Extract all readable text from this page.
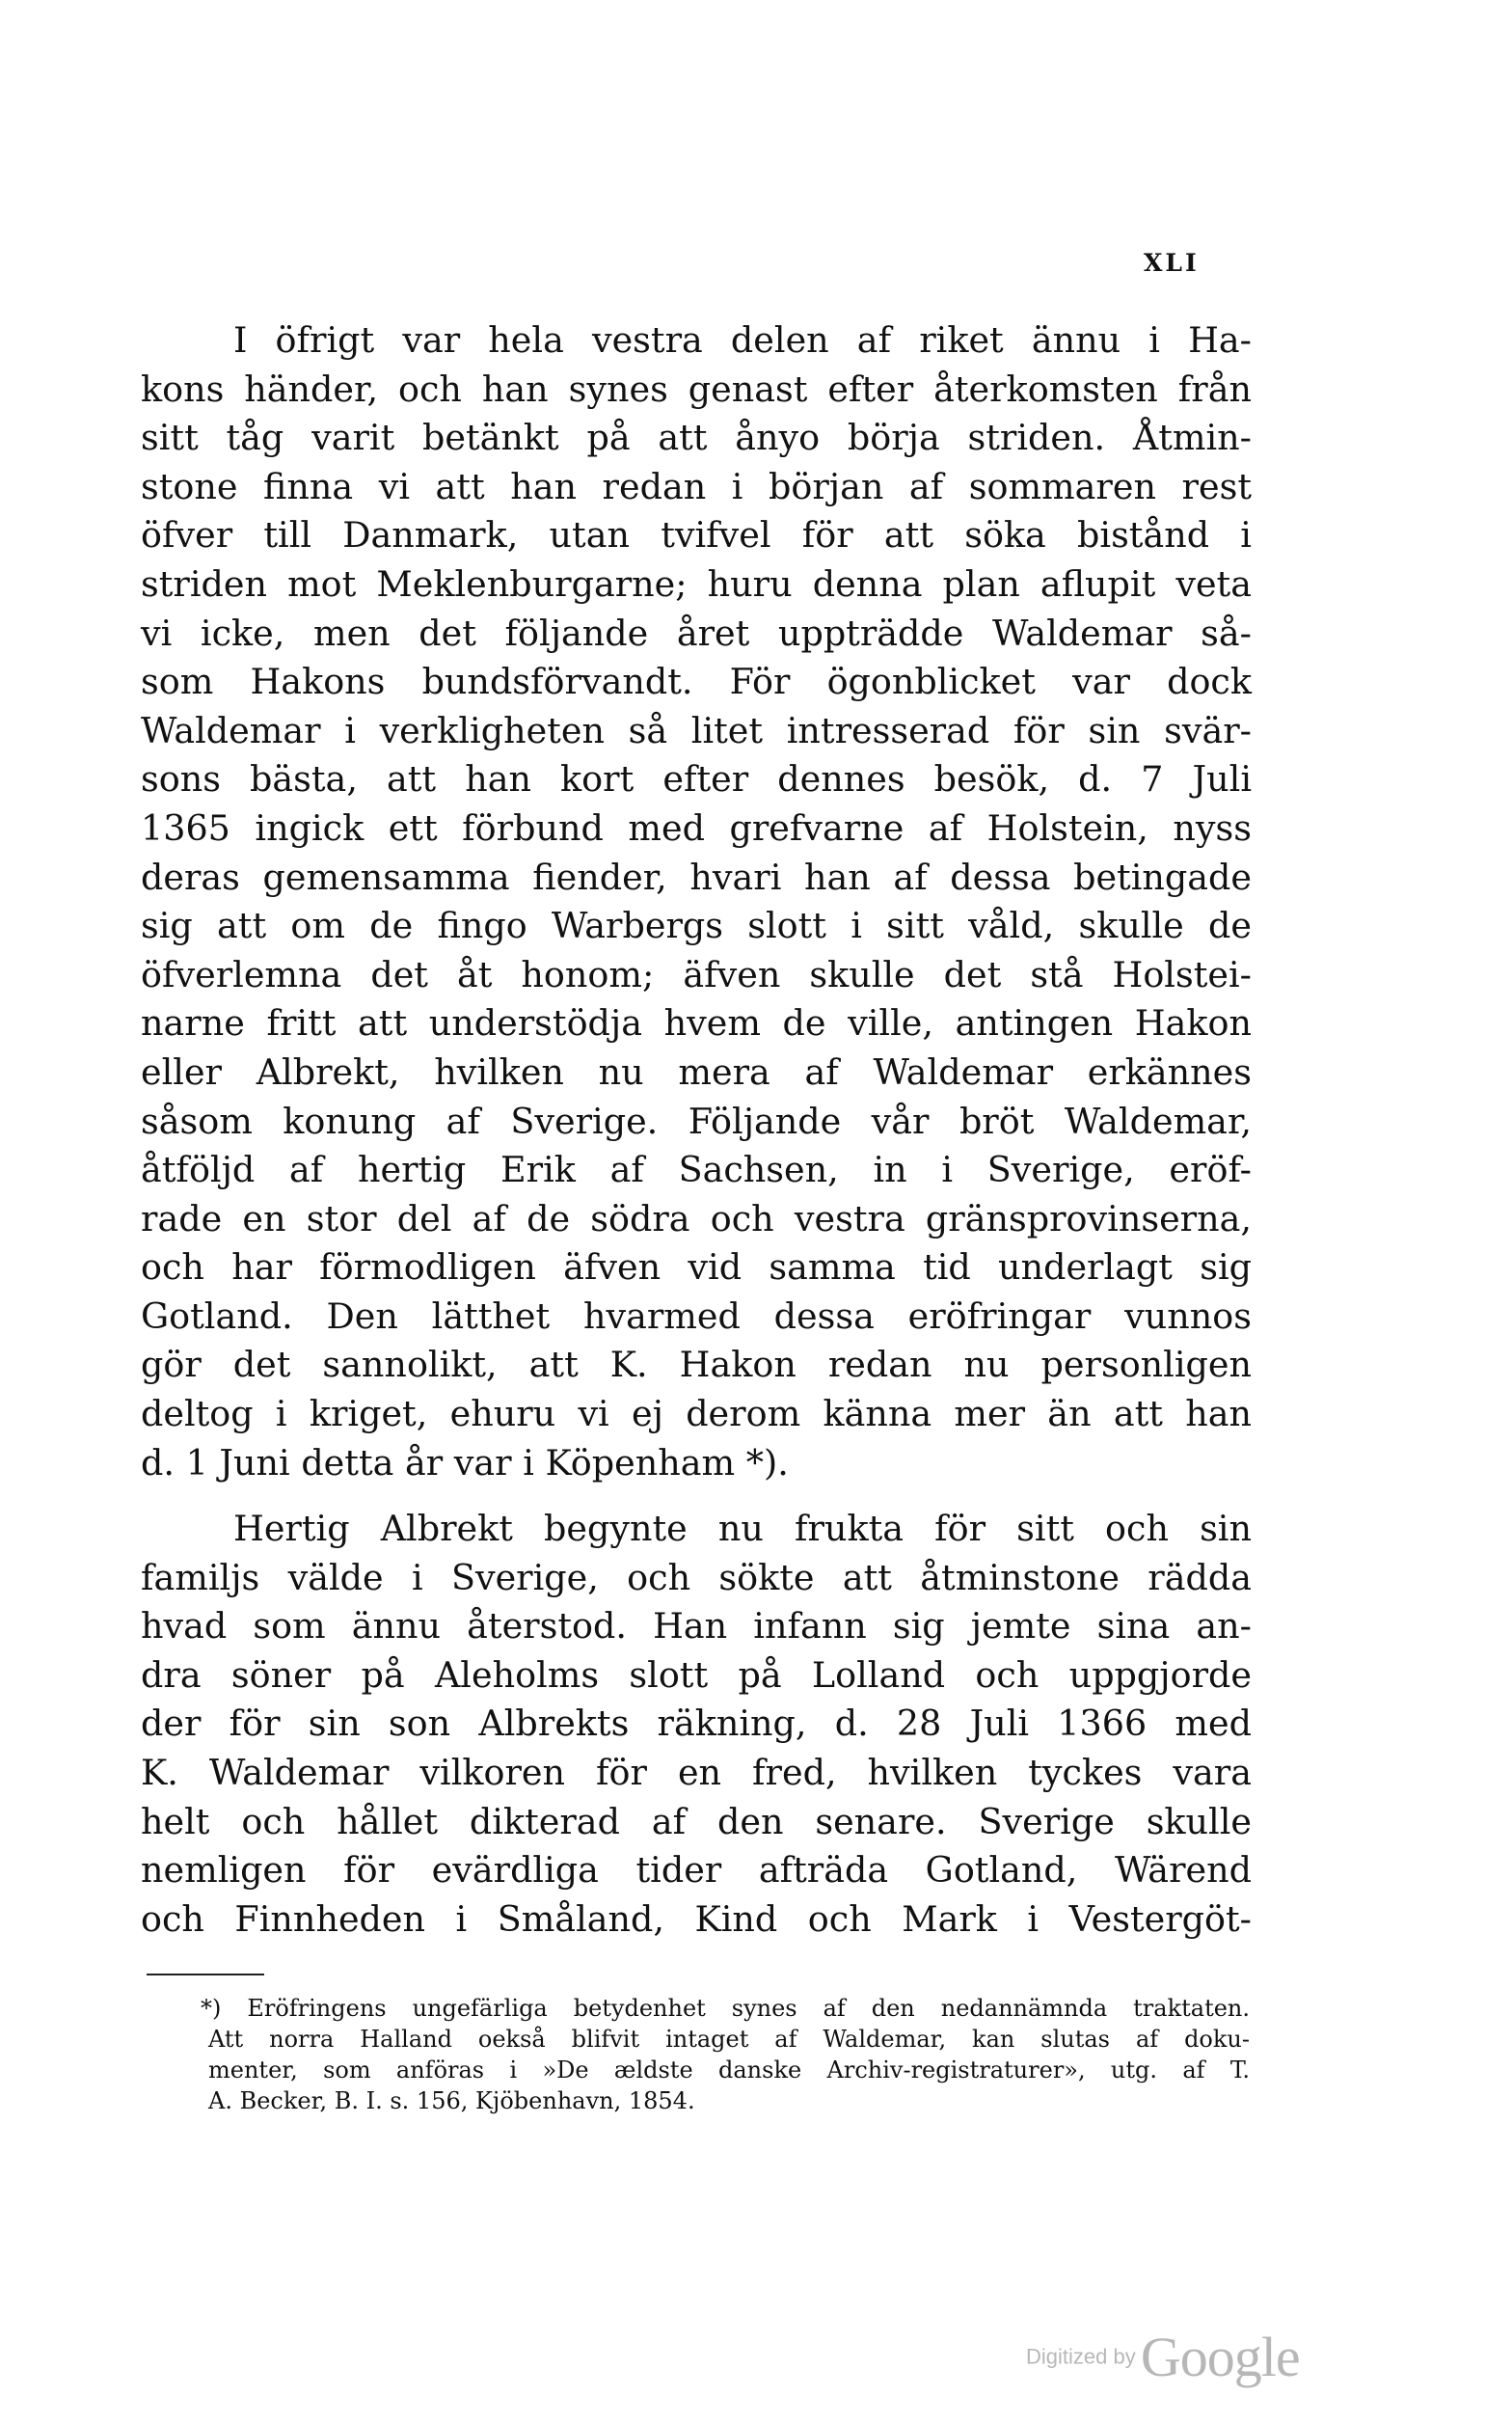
XLI
I öfrigt var hela vestra delen af riket ännu i Ha-
kons händer, och han synes genast efter återkomsten från
sitt tåg varit betänkt på att ånyo börja striden. Åtmin-
stone finna vi att han redan i början af sommaren rest
öfver till Danmark, utan tvifvel för att söka bistånd i
striden mot Meklenburgarne; huru denna plan aflupit veta
vi icke, men det följande året uppträdde Waldemar så-
som Hakons bundsförvandt. För ögonblicket var dock
Waldemar i verkligheten så litet intresserad för sin svär-
sons bästa, att han kort efter dennes besök, d. 7 Juli
1365 ingick ett förbund med grefvarne af Holstein, nyss
deras gemensamma fiender, hvari han af dessa betingade
sig att om de fingo Warbergs slott i sitt våld, skulle de
öfverlemna det åt honom; äfven skulle det stå Holstei-
narne fritt att understödja hvem de ville, antingen Hakon
eller Albrekt, hvilken nu mera af Waldemar erkännes
såsom konung af Sverige. Följande vår bröt Waldemar,
åtföljd af hertig Erik af Sachsen, in i Sverige, eröf-
rade en stor del af de södra och vestra gränsprovinserna,
och har förmodligen äfven vid samma tid underlagt sig
Gotland. Den lätthet hvarmed dessa eröfringar vunnos
gör det sannolikt, att K. Hakon redan nu personligen
deltog i kriget, ehuru vi ej derom känna mer än att han
d. 1 Juni detta år var i Köpenham *).
Hertig Albrekt begynte nu frukta för sitt och sin
familjs välde i Sverige, och sökte att åtminstone rädda
hvad som ännu återstod. Han infann sig jemte sina an-
dra söner på Aleholms slott på Lolland och uppgjorde
der för sin son Albrekts räkning, d. 28 Juli 1366 med
K. Waldemar vilkoren för en fred, hvilken tyckes vara
helt och hållet dikterad af den senare. Sverige skulle
nemligen för evärdliga tider afträda Gotland, Wärend
och Finnheden i Småland, Kind och Mark i Vestergöt-
*) Eröfringens ungefärliga betydenhet synes af den nedannämnda traktaten.
Att norra Halland oekså blifvit intaget af Waldemar, kan slutas af doku-
menter, som anföras i »De ældste danske Archiv-registraturer», utg. af T.
A. Becker, B. I. s. 156, Kjöbenhavn, 1854.
Digitized by Google
